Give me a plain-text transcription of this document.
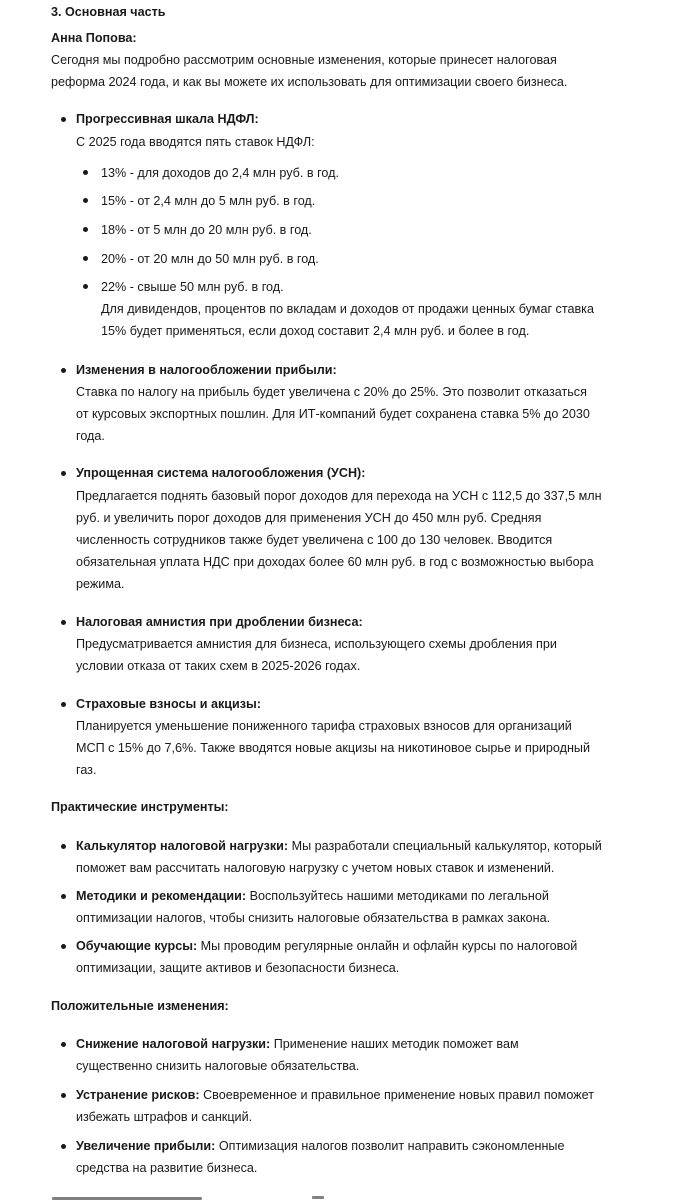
3. Основная часть
Анна Попова:
Сегодня мы подробно рассмотрим основные изменения, которые принесет налоговая
реформа 2024 года, и как вы можете их использовать для оптимизации своего бизнеса.
Прогрессивная шкала НДФЛ:
С 2025 года вводятся пять ставок НДФЛ:
13% - для доходов до 2,4 млн руб. в год.
15% - от 2,4 млн до 5 млн руб. в год.
18% - от 5 млн до 20 млн руб. в год.
20% - от 20 млн до 50 млн руб. в год.
22% - свыше 50 млн руб. в год.
Для дивидендов, процентов по вкладам и доходов от продажи ценных бумаг ставка
15% будет применяться, если доход составит 2,4 млн руб. и более в год.
Изменения в налогообложении прибыли:
Ставка по налогу на прибыль будет увеличена с 20% до 25%. Это позволит отказаться
от курсовых экспортных пошлин. Для ИТ-компаний будет сохранена ставка 5% до 2030
года.
Упрощенная система налогообложения (УСН):
Предлагается поднять базовый порог доходов для перехода на УСН с 112,5 до 337,5 млн
руб. и увеличить порог доходов для применения УСН до 450 млн руб. Средняя
численность сотрудников также будет увеличена с 100 до 130 человек. Вводится
обязательная уплата НДС при доходах более 60 млн руб. в год с возможностью выбора
режима.
Налоговая амнистия при дроблении бизнеса:
Предусматривается амнистия для бизнеса, использующего схемы дробления при
условии отказа от таких схем в 2025-2026 годах.
Страховые взносы и акцизы:
Планируется уменьшение пониженного тарифа страховых взносов для организаций
МСП с 15% до 7,6%. Также вводятся новые акцизы на никотиновое сырье и природный
газ.
Практические инструменты:
Калькулятор налоговой нагрузки: Мы разработали специальный калькулятор, который
поможет вам рассчитать налоговую нагрузку с учетом новых ставок и изменений.
Методики и рекомендации: Воспользуйтесь нашими методиками по легальной
оптимизации налогов, чтобы снизить налоговые обязательства в рамках закона.
Обучающие курсы: Мы проводим регулярные онлайн и офлайн курсы по налоговой
оптимизации, защите активов и безопасности бизнеса.
Положительные изменения:
Снижение налоговой нагрузки: Применение наших методик поможет вам
существенно снизить налоговые обязательства.
Устранение рисков: Своевременное и правильное применение новых правил поможет
избежать штрафов и санкций.
Увеличение прибыли: Оптимизация налогов позволит направить сэкономленные
средства на развитие бизнеса.
